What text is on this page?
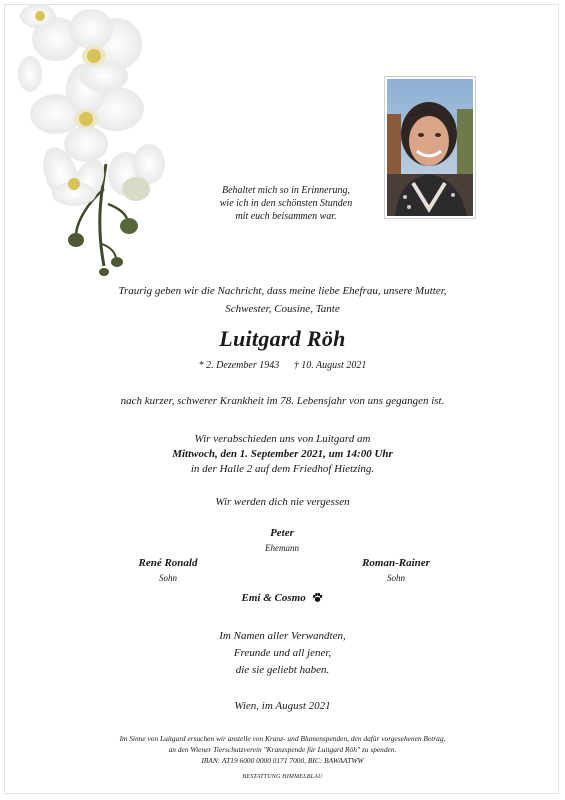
Behaltet mich so in Erinnerung,
wie ich in den schönsten Stunden
mit euch beisammen war.
Traurig geben wir die Nachricht, dass meine liebe Ehefrau, unsere Mutter,
Schwester, Cousine, Tante
Luitgard Röh
* 2. Dezember 1943 † 10. August 2021
nach kurzer, schwerer Krankheit im 78. Lebensjahr von uns gegangen ist.
Wir verabschieden uns von Luitgard am
Mittwoch, den 1. September 2021, um 14:00 Uhr
in der Halle 2 auf dem Friedhof Hietzing.
Wir werden dich nie vergessen
Peter
Ehemann
René Ronald
Sohn
Roman-Rainer
Sohn
Emi & Cosmo
Im Namen aller Verwandten,
Freunde und all jener,
die sie geliebt haben.
Wien, im August 2021
Im Sinne von Luitgard ersuchen wir anstelle von Kranz- und Blumenspenden, den dafür vorgesehenen Betrag,
an den Wiener Tierschutzverein "Kranzspende für Luitgard Röh" zu spenden.
IBAN: AT19 6000 0000 0171 7000, BIC: BAWAATWW
BESTATTUNG HIMMELBLAU
